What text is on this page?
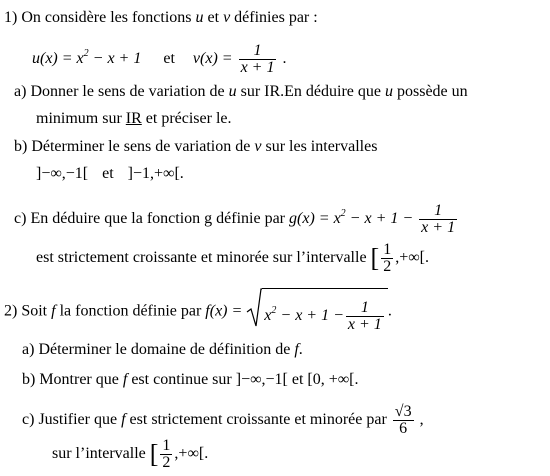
1) On considère les fonctions u et v définies par :
$u(x) = x^2 - x + 1$ et $v(x) = \frac{1}{x + 1}$ .
a) Donner le sens de variation de u sur IR.En déduire que u possède un
minimum sur IR et préciser le.
b) Déterminer le sens de variation de v sur les intervalles
]−∞,−1[ et ]−1,+∞[.
c) En déduire que la fonction g définie par $g(x) = x^2 - x + 1 - \frac{1}{x + 1}$
est strictement croissante et minorée sur l’intervalle [ $\frac{1}{2}$ ,+∞[.
2) Soit f la fonction définie par $f(x) = x^2 - x + 1 - \frac{1}{x + 1}$ .
a) Déterminer le domaine de définition de f.
b) Montrer que f est continue sur ]−∞,−1[ et [0, +∞[.
c) Justifier que f est strictement croissante et minorée par $\frac{√3}{6}$ ,
sur l’intervalle [ $\frac{1}{2}$ ,+∞[.
